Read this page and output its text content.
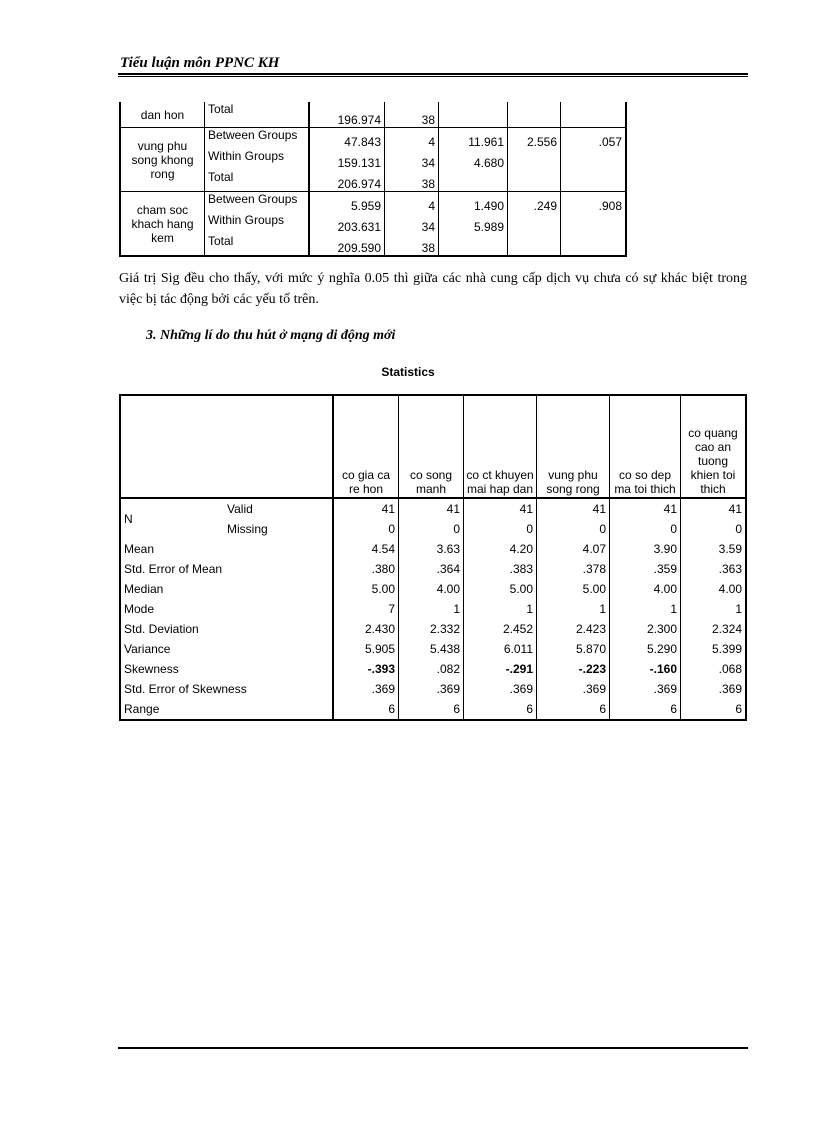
Tiểu luận môn PPNC KH
dan hon	Total	196.974	38			
vung phu song khong rong	Between Groups	47.843	4	11.961	2.556	.057
	Within Groups	159.131	34	4.680		
	Total	206.974	38			
cham soc khach hang kem	Between Groups	5.959	4	1.490	.249	.908
	Within Groups	203.631	34	5.989		
	Total	209.590	38			
Giá trị Sig đều cho thấy, với mức ý nghĩa 0.05 thì giữa các nhà cung cấp dịch vụ chưa có sự khác biệt trong việc bị tác động bởi các yếu tố trên.
3. Những lí do thu hút ở mạng di động mới
Statistics
		co gia ca re hon	co song manh	co ct khuyen mai hap dan	vung phu song rong	co so dep ma toi thich	co quang cao an tuong khien toi thich
N	Valid	41	41	41	41	41	41
	Missing	0	0	0	0	0	0
Mean		4.54	3.63	4.20	4.07	3.90	3.59
Std. Error of Mean		.380	.364	.383	.378	.359	.363
Median		5.00	4.00	5.00	5.00	4.00	4.00
Mode		7	1	1	1	1	1
Std. Deviation		2.430	2.332	2.452	2.423	2.300	2.324
Variance		5.905	5.438	6.011	5.870	5.290	5.399
Skewness		-.393	.082	-.291	-.223	-.160	.068
Std. Error of Skewness		.369	.369	.369	.369	.369	.369
Range		6	6	6	6	6	6
